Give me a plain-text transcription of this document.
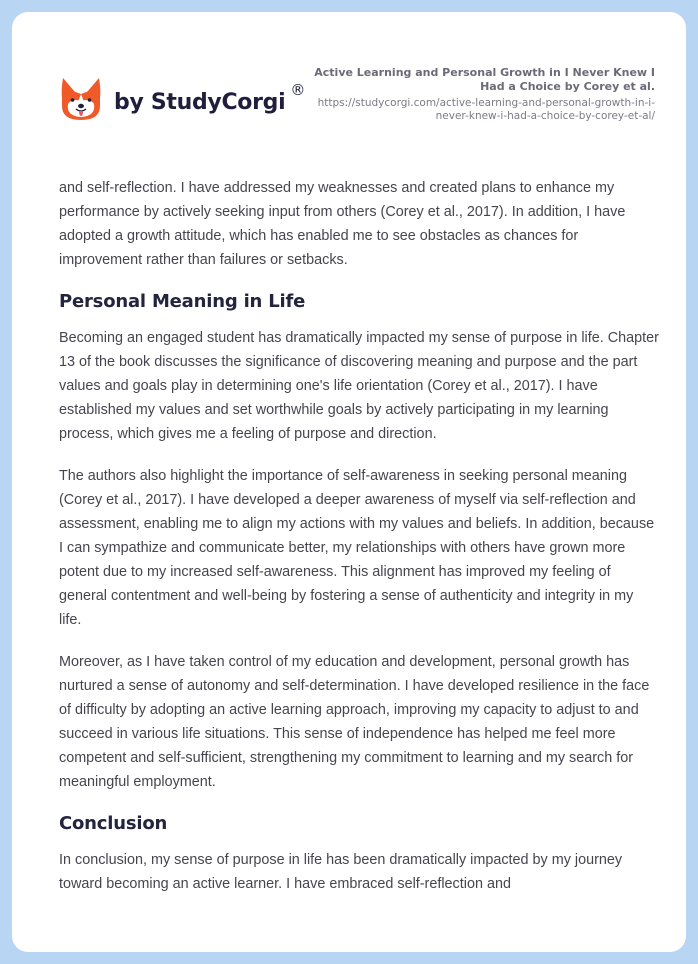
by StudyCorgi ®
Active Learning and Personal Growth in I Never Knew I Had a Choice by Corey et al.
https://studycorgi.com/active-learning-and-personal-growth-in-i-never-knew-i-had-a-choice-by-corey-et-al/

and self-reflection. I have addressed my weaknesses and created plans to enhance my performance by actively seeking input from others (Corey et al., 2017). In addition, I have adopted a growth attitude, which has enabled me to see obstacles as chances for improvement rather than failures or setbacks.

Personal Meaning in Life

Becoming an engaged student has dramatically impacted my sense of purpose in life. Chapter 13 of the book discusses the significance of discovering meaning and purpose and the part values and goals play in determining one's life orientation (Corey et al., 2017). I have established my values and set worthwhile goals by actively participating in my learning process, which gives me a feeling of purpose and direction.

The authors also highlight the importance of self-awareness in seeking personal meaning (Corey et al., 2017). I have developed a deeper awareness of myself via self-reflection and assessment, enabling me to align my actions with my values and beliefs. In addition, because I can sympathize and communicate better, my relationships with others have grown more potent due to my increased self-awareness. This alignment has improved my feeling of general contentment and well-being by fostering a sense of authenticity and integrity in my life.

Moreover, as I have taken control of my education and development, personal growth has nurtured a sense of autonomy and self-determination. I have developed resilience in the face of difficulty by adopting an active learning approach, improving my capacity to adjust to and succeed in various life situations. This sense of independence has helped me feel more competent and self-sufficient, strengthening my commitment to learning and my search for meaningful employment.

Conclusion

In conclusion, my sense of purpose in life has been dramatically impacted by my journey toward becoming an active learner. I have embraced self-reflection and
